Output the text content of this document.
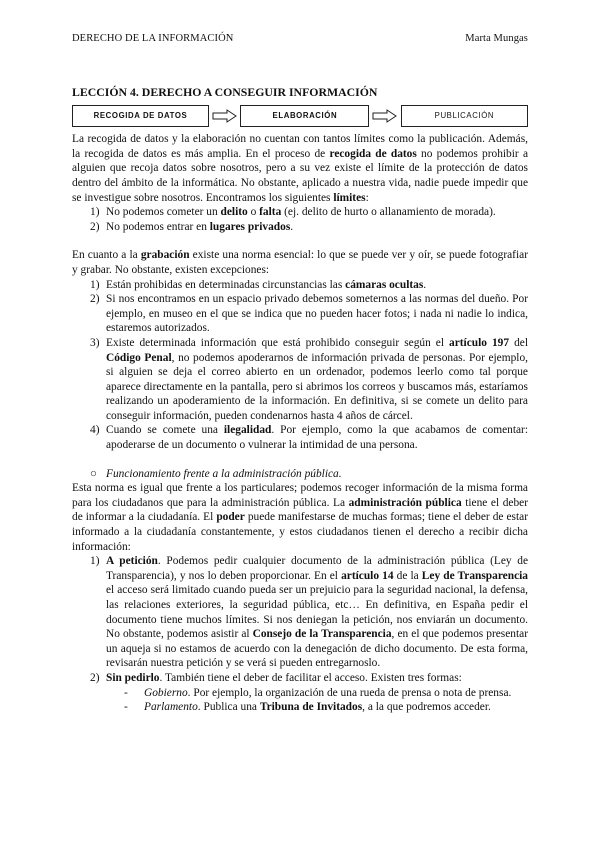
DERECHO DE LA INFORMACIÓN	Marta Mungas
LECCIÓN 4. DERECHO A CONSEGUIR INFORMACIÓN
RECOGIDA DE DATOS	ELABORACIÓN	PUBLICACIÓN

La recogida de datos y la elaboración no cuentan con tantos límites como la publicación. Además, la recogida de datos es más amplia. En el proceso de recogida de datos no podemos prohibir a alguien que recoja datos sobre nosotros, pero a su vez existe el límite de la protección de datos dentro del ámbito de la informática. No obstante, aplicado a nuestra vida, nadie puede impedir que se investigue sobre nosotros. Encontramos los siguientes límites:

1) No podemos cometer un delito o falta (ej. delito de hurto o allanamiento de morada).
2) No podemos entrar en lugares privados.

En cuanto a la grabación existe una norma esencial: lo que se puede ver y oír, se puede fotografiar y grabar. No obstante, existen excepciones:

1) Están prohibidas en determinadas circunstancias las cámaras ocultas.
2) Si nos encontramos en un espacio privado debemos someternos a las normas del dueño. Por ejemplo, en museo en el que se indica que no pueden hacer fotos; i nada ni nadie lo indica, estaremos autorizados.
3) Existe determinada información que está prohibido conseguir según el artículo 197 del Código Penal, no podemos apoderarnos de información privada de personas. Por ejemplo, si alguien se deja el correo abierto en un ordenador, podemos leerlo como tal porque aparece directamente en la pantalla, pero si abrimos los correos y buscamos más, estaríamos realizando un apoderamiento de la información. En definitiva, si se comete un delito para conseguir información, pueden condenarnos hasta 4 años de cárcel.
4) Cuando se comete una ilegalidad. Por ejemplo, como la que acabamos de comentar: apoderarse de un documento o vulnerar la intimidad de una persona.
○ Funcionamiento frente a la administración pública.

Esta norma es igual que frente a los particulares; podemos recoger información de la misma forma para los ciudadanos que para la administración pública. La administración pública tiene el deber de informar a la ciudadanía. El poder puede manifestarse de muchas formas; tiene el deber de estar informado a la ciudadanía constantemente, y estos ciudadanos tienen el derecho a recibir dicha información:

1) A petición. Podemos pedir cualquier documento de la administración pública (Ley de Transparencia), y nos lo deben proporcionar. En el artículo 14 de la Ley de Transparencia el acceso será limitado cuando pueda ser un prejuicio para la seguridad nacional, la defensa, las relaciones exteriores, la seguridad pública, etc… En definitiva, en España pedir el documento tiene muchos límites. Si nos deniegan la petición, nos enviarán un documento. No obstante, podemos asistir al Consejo de la Transparencia, en el que podemos presentar un aqueja si no estamos de acuerdo con la denegación de dicho documento. De esta forma, revisarán nuestra petición y se verá si pueden entregarnoslo.
2) Sin pedirlo. También tiene el deber de facilitar el acceso. Existen tres formas:
-	Gobierno. Por ejemplo, la organización de una rueda de prensa o nota de prensa.
-	Parlamento. Publica una Tribuna de Invitados, a la que podremos acceder.
